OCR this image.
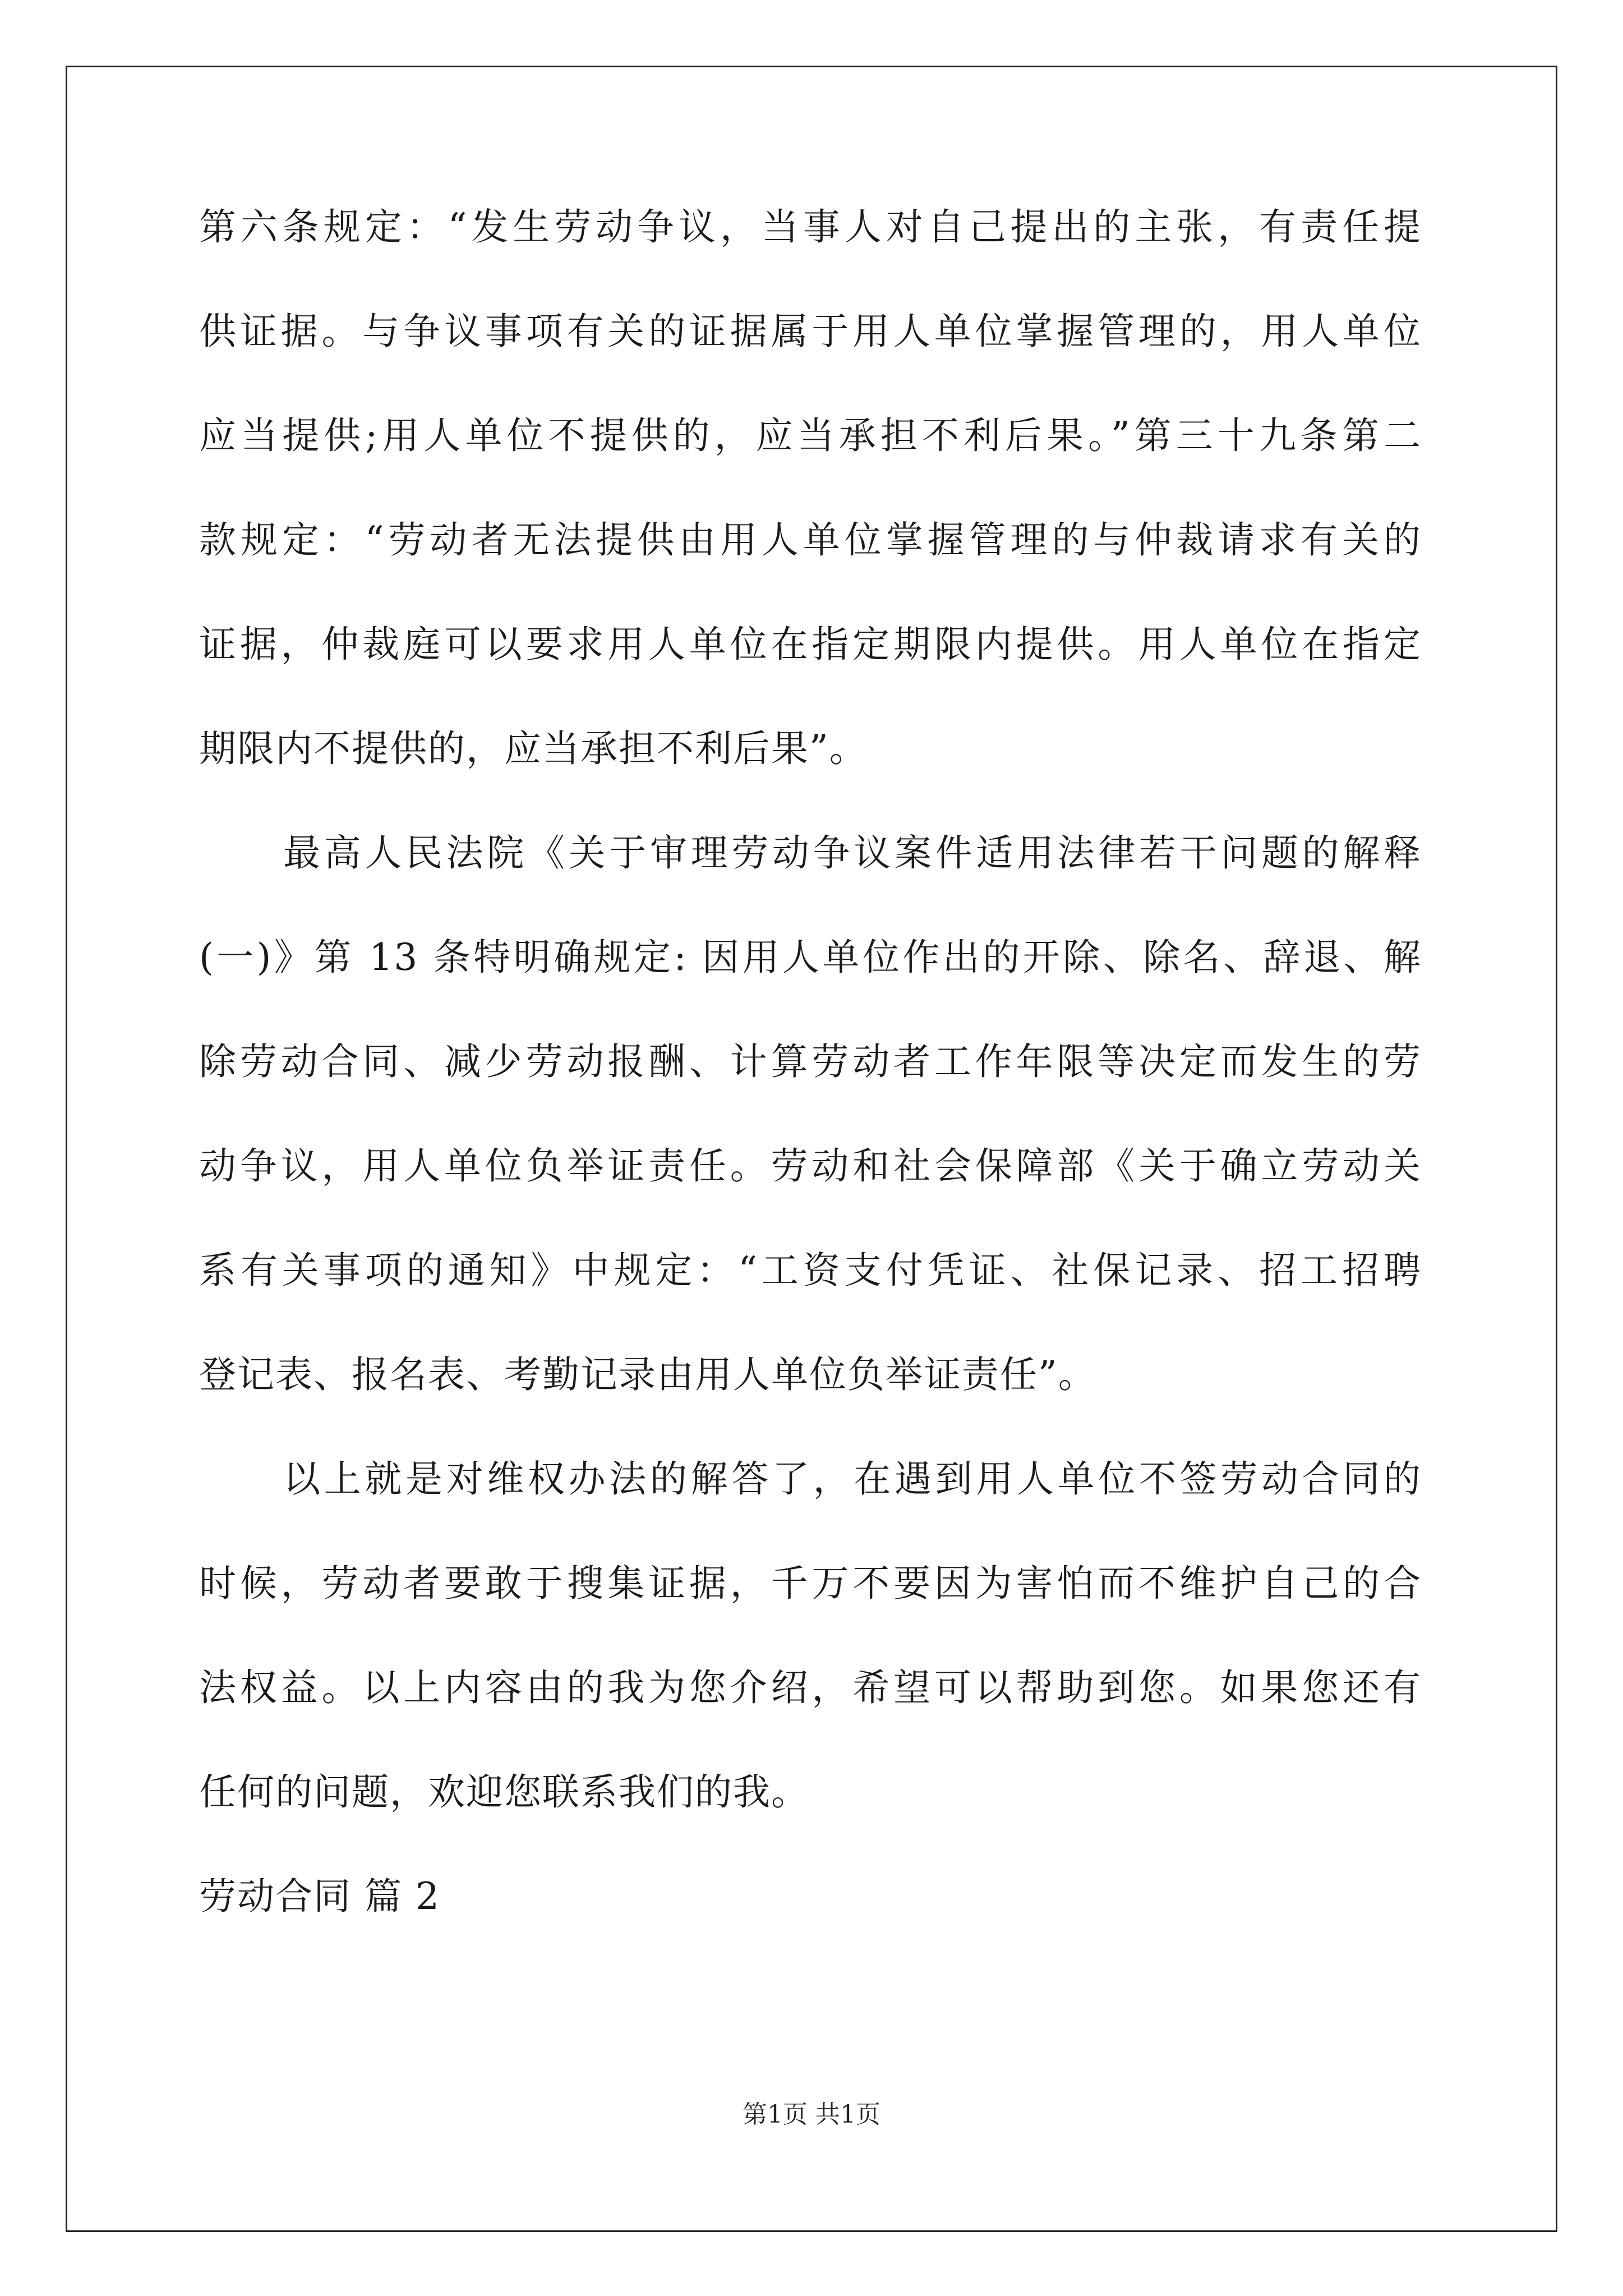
第六条规定：“发生劳动争议，当事人对自己提出的主张，有责任提
供证据。与争议事项有关的证据属于用人单位掌握管理的，用人单位
应当提供;用人单位不提供的，应当承担不利后果。”第三十九条第二
款规定：“劳动者无法提供由用人单位掌握管理的与仲裁请求有关的
证据，仲裁庭可以要求用人单位在指定期限内提供。用人单位在指定
期限内不提供的，应当承担不利后果”。
最高人民法院《关于审理劳动争议案件适用法律若干问题的解释
(一)》第 13 条特明确规定: 因用人单位作出的开除、除名、辞退、解
除劳动合同、减少劳动报酬、计算劳动者工作年限等决定而发生的劳
动争议，用人单位负举证责任。劳动和社会保障部《关于确立劳动关
系有关事项的通知》中规定：“工资支付凭证、社保记录、招工招聘
登记表、报名表、考勤记录由用人单位负举证责任”。
以上就是对维权办法的解答了，在遇到用人单位不签劳动合同的
时候，劳动者要敢于搜集证据，千万不要因为害怕而不维护自己的合
法权益。以上内容由的我为您介绍，希望可以帮助到您。如果您还有
任何的问题，欢迎您联系我们的我。
劳动合同 篇 2
第1页 共1页
